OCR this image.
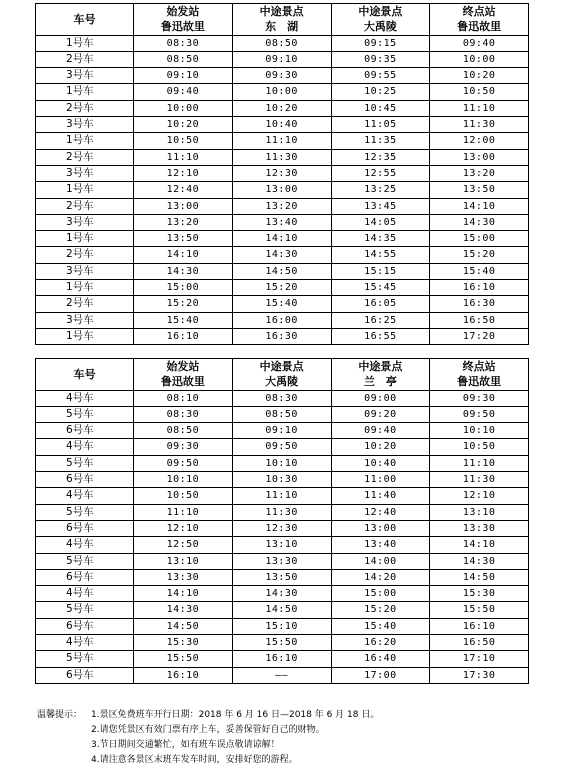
车号	始发站	中途景点	中途景点	终点站
	鲁迅故里	东　湖	大禹陵	鲁迅故里
1号车	08:30	08:50	09:15	09:40
2号车	08:50	09:10	09:35	10:00
3号车	09:10	09:30	09:55	10:20
1号车	09:40	10:00	10:25	10:50
2号车	10:00	10:20	10:45	11:10
3号车	10:20	10:40	11:05	11:30
1号车	10:50	11:10	11:35	12:00
2号车	11:10	11:30	12:35	13:00
3号车	12:10	12:30	12:55	13:20
1号车	12:40	13:00	13:25	13:50
2号车	13:00	13:20	13:45	14:10
3号车	13:20	13:40	14:05	14:30
1号车	13:50	14:10	14:35	15:00
2号车	14:10	14:30	14:55	15:20
3号车	14:30	14:50	15:15	15:40
1号车	15:00	15:20	15:45	16:10
2号车	15:20	15:40	16:05	16:30
3号车	15:40	16:00	16:25	16:50
1号车	16:10	16:30	16:55	17:20
车号	始发站	中途景点	中途景点	终点站
	鲁迅故里	大禹陵	兰　亭	鲁迅故里
4号车	08:10	08:30	09:00	09:30
5号车	08:30	08:50	09:20	09:50
6号车	08:50	09:10	09:40	10:10
4号车	09:30	09:50	10:20	10:50
5号车	09:50	10:10	10:40	11:10
6号车	10:10	10:30	11:00	11:30
4号车	10:50	11:10	11:40	12:10
5号车	11:10	11:30	12:40	13:10
6号车	12:10	12:30	13:00	13:30
4号车	12:50	13:10	13:40	14:10
5号车	13:10	13:30	14:00	14:30
6号车	13:30	13:50	14:20	14:50
4号车	14:10	14:30	15:00	15:30
5号车	14:30	14:50	15:20	15:50
6号车	14:50	15:10	15:40	16:10
4号车	15:30	15:50	16:20	16:50
5号车	15:50	16:10	16:40	17:10
6号车	16:10	——	17:00	17:30
温馨提示： 1.景区免费班车开行日期：2018 年 6 月 16 日—2018 年 6 月 18 日。
2.请您凭景区有效门票有序上车，妥善保管好自己的财物。
3.节日期间交通繁忙，如有班车误点敬请谅解！
4.请注意各景区末班车发车时间，安排好您的游程。
